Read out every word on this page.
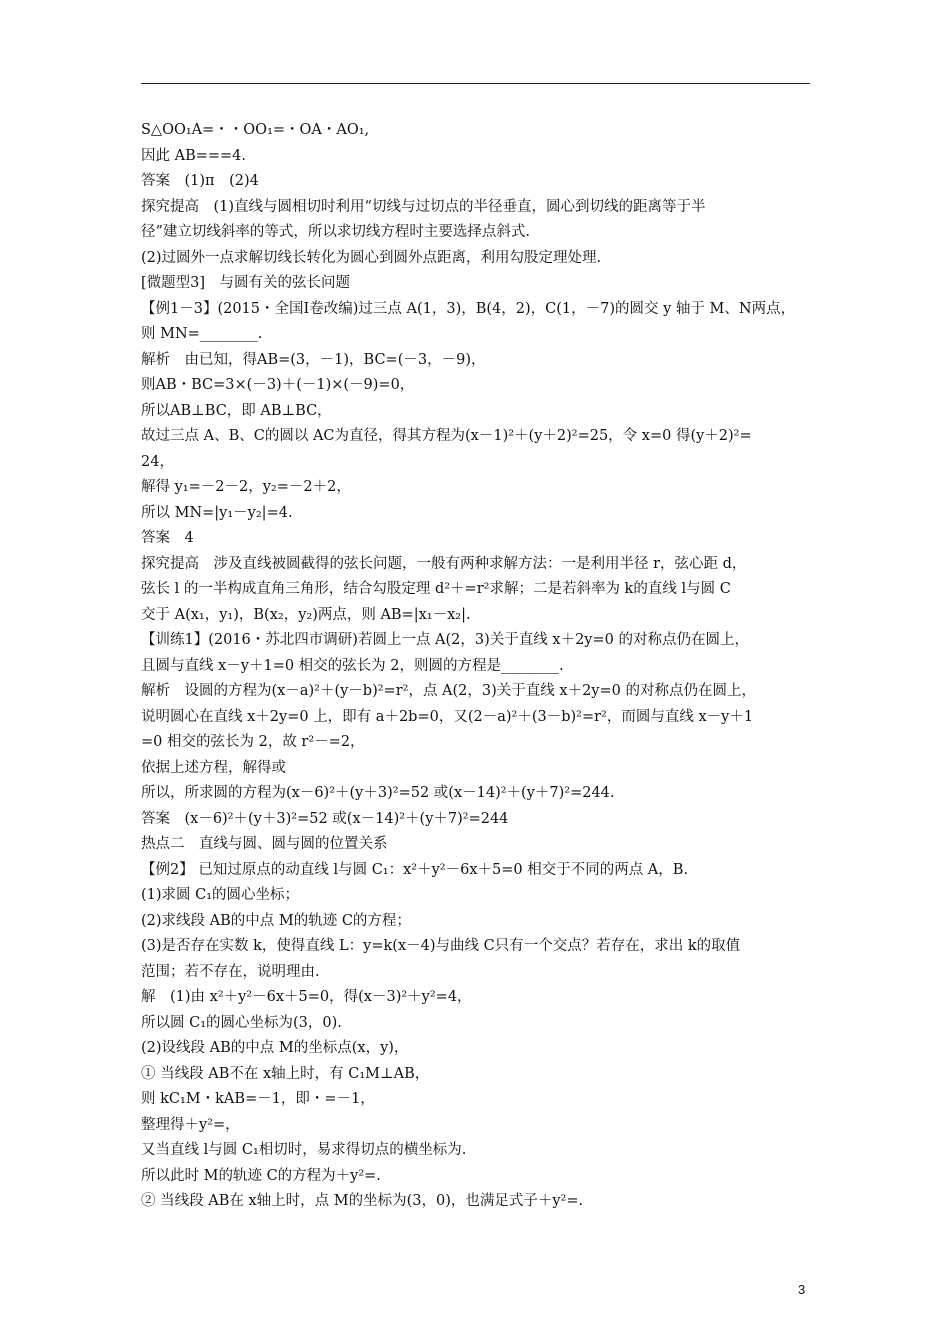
S△OO₁A=・・OO₁=・OA・AO₁,
因此 AB===4.
答案　(1)π　(2)4
探究提高　(1)直线与圆相切时利用“切线与过切点的半径垂直，圆心到切线的距离等于半
径”建立切线斜率的等式，所以求切线方程时主要选择点斜式.
(2)过圆外一点求解切线长转化为圆心到圆外点距离，利用勾股定理处理.
[微题型3]　与圆有关的弦长问题
【例1－3】(2015・全国Ⅰ卷改编)过三点 A(1，3)，B(4，2)，C(1，－7)的圆交 y 轴于 M、N两点，
则 MN=________.
解析　由已知，得AB=(3，－1)，BC=(－3，－9)，
则AB・BC=3×(－3)＋(－1)×(－9)=0，
所以AB⊥BC，即 AB⊥BC，
故过三点 A、B、C的圆以 AC为直径，得其方程为(x－1)²＋(y＋2)²=25，令 x=0 得(y＋2)²=
24，
解得 y₁=－2－2，y₂=－2＋2，
所以 MN=|y₁－y₂|=4.
答案　4
探究提高　涉及直线被圆截得的弦长问题，一般有两种求解方法：一是利用半径 r，弦心距 d，
弦长 l 的一半构成直角三角形，结合勾股定理 d²＋=r²求解；二是若斜率为 k的直线 l与圆 C
交于 A(x₁，y₁)，B(x₂，y₂)两点，则 AB=|x₁－x₂|.
【训练1】(2016・苏北四市调研)若圆上一点 A(2，3)关于直线 x＋2y=0 的对称点仍在圆上，
且圆与直线 x－y＋1=0 相交的弦长为 2，则圆的方程是________.
解析　设圆的方程为(x－a)²＋(y－b)²=r²，点 A(2，3)关于直线 x＋2y=0 的对称点仍在圆上，
说明圆心在直线 x＋2y=0 上，即有 a＋2b=0，又(2－a)²＋(3－b)²=r²，而圆与直线 x－y＋1
=0 相交的弦长为 2，故 r²－=2，
依据上述方程，解得或
所以，所求圆的方程为(x－6)²＋(y＋3)²=52 或(x－14)²＋(y＋7)²=244.
答案　(x－6)²＋(y＋3)²=52 或(x－14)²＋(y＋7)²=244
热点二　直线与圆、圆与圆的位置关系
【例2】 已知过原点的动直线 l与圆 C₁：x²＋y²－6x＋5=0 相交于不同的两点 A，B.
(1)求圆 C₁的圆心坐标；
(2)求线段 AB的中点 M的轨迹 C的方程；
(3)是否存在实数 k，使得直线 L：y=k(x－4)与曲线 C只有一个交点？若存在，求出 k的取值
范围；若不存在，说明理由.
解　(1)由 x²＋y²－6x＋5=0，得(x－3)²＋y²=4，
所以圆 C₁的圆心坐标为(3，0).
(2)设线段 AB的中点 M的坐标点(x，y)，
① 当线段 AB不在 x轴上时，有 C₁M⊥AB，
则 kC₁M・kAB=－1，即・=－1，
整理得＋y²=，
又当直线 l与圆 C₁相切时，易求得切点的横坐标为.
所以此时 M的轨迹 C的方程为＋y²=.
② 当线段 AB在 x轴上时，点 M的坐标为(3，0)，也满足式子＋y²=.
3
